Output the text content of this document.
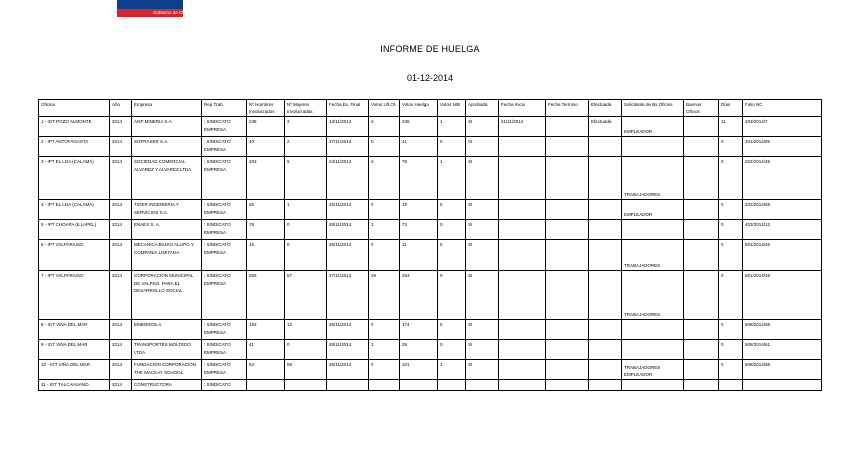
Gobierno de Chile
INFORME DE HUELGA
01-12-2014
Oficina	Año	Empresa	Rep.Trab.	Nº Hombres Involucrados	Nº Mujeres Involucradas	Fecha Ex. Final	Votos Ult.Of.	Votos Huelga	Votos N/B	Aprobada	Fecha Inicio	Fecha Termino	Efectuada	Solicitante de Bs.Oficios	Buenos Oficios	Días	Folio NC
1 - IGT POZO ALMONTE	2014	AGP MINERIA S.A.	; SINDICATO EMPRESA	238	3	13/11/2014	2	236	1	SI	21/11/2014		Efectuada	EMPLEADOR		11	103/2014/7
2 - IPT ANTOFAGASTA	2014	SOFRASER S.A.	; SINDICATO EMPRESA	40	2	27/11/2014	0	41	0	SI						0	201/2014/85
3 - IPT EL LOA (CALAMA)	2014	SOCIEDAD COMERCIAL ALVAREZ Y ALVAREZ LTDA.	; SINDICATO EMPRESA	103	5	24/11/2014	2	78	1	SI				TRABAJADORES		0	202/2014/45
4 - IPT EL LOA (CALAMA)	2014	TIGER INGENIERIA Y SERVICIOS S.A.	; SINDICATO EMPRESA	25	1	25/11/2014	0	19	0	SI				EMPLEADOR		0	202/2014/59
5 - IPT CHOAPA (ILLAPEL)	2014	ENAEX S. A.	; SINDICATO EMPRESA	78	0	28/11/2014	1	73	0	SI						0	403/2014/12
6 - IPT VALPARAISO	2014	MECANICA BAGGI ALLIPO Y COMPAÑIA LIMITADA.	; SINDICATO EMPRESA	15	0	28/11/2014	0	11	0	SI				TRABAJADORES		0	501/2014/45
7 - IPT VALPARAISO	2014	CORPORACION MUNICIPAL DE VALPSO. PARA EL DESARROLLO SOCIAL.	; SINDICATO EMPRESA	293	67	27/11/2014	29	253	9	SI				TRABAJADORES		0	501/2014/48
8 - IGT VIÑA DEL MAR	2014	EMBONOS.A.	; SINDICATO EMPRESA	193	12	28/11/2014	0	174	0	SI						0	508/2014/58
9 - IGT VIÑA DEL MAR	2014	TRANSPORTES MOLTEDO LTDA.	; SINDICATO EMPRESA	41	0	28/11/2014	1	29	0	SI						0	508/2014/61
10 - IGT VIÑA DEL MAR	2014	FUNDACION CORPORACIÓN THE MACKAY SCHOOL.	; SINDICATO EMPRESA	53	59	28/11/2014	0	101	1	SI				TRABAJADORES EMPLEADOR		0	508/2014/68
11 - IGT TALCAHUANO	2014	CONSTRUCTORA	; SINDICATO														
